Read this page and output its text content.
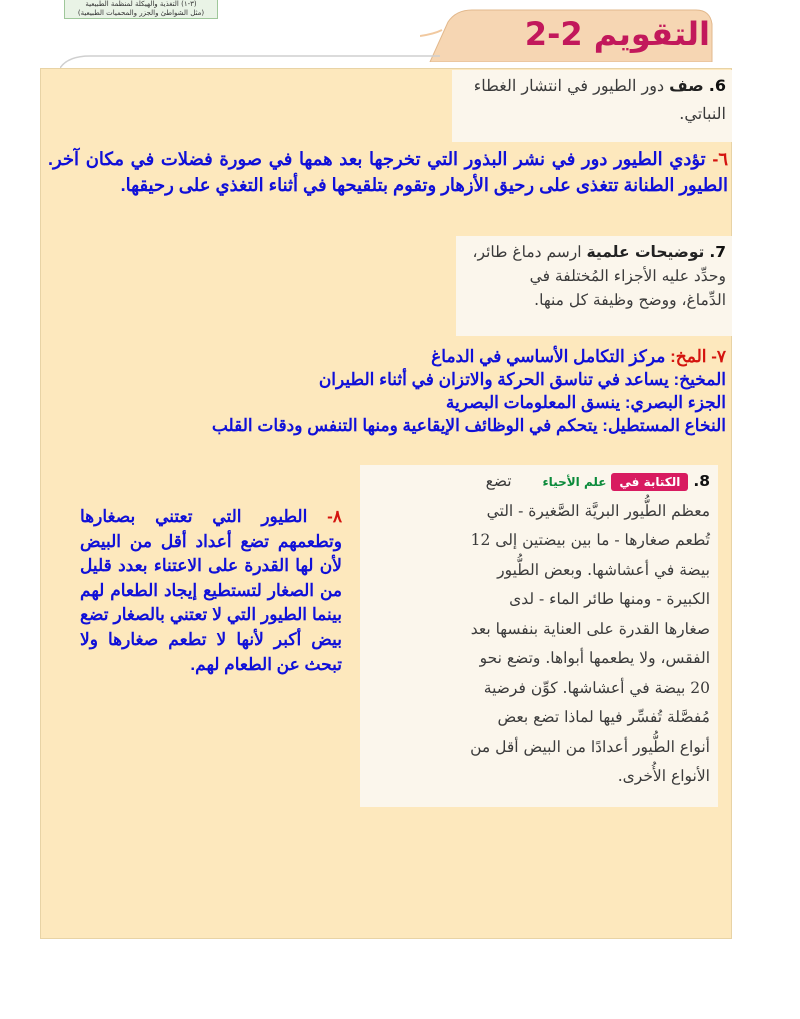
(٣-١) التغذية والهيكلة لمنظمة الطبيعية
(مثل الشواطئ والجزر والمحميات الطبيعية)
التقويم 2-2
6. صف دور الطيور في انتشار الغطاء النباتي.
٦- تؤدي الطيور دور في نشر البذور التي تخرجها بعد همها في صورة فضلات في مكان آخر. الطيور الطنانة تتغذى على رحيق الأزهار وتقوم بتلقيحها في أثناء التغذي على رحيقها.
7. توضيحات علمية ارسم دماغ طائر،
وحدِّد عليه الأجزاء المُختلفة في
الدِّماغ، ووضح وظيفة كل منها.
٧- المخ: مركز التكامل الأساسي في الدماغ
المخيخ: يساعد في تناسق الحركة والاتزان في أثناء الطيران
الجزء البصري: ينسق المعلومات البصرية
النخاع المستطيل: يتحكم في الوظائف الإيقاعية ومنها التنفس ودقات القلب
8. الكتابة في علم الأحياء تضع
معظم الطُّيور البريَّة الصَّغيرة - التي
تُطعم صغارها - ما بين بيضتين إلى 12
بيضة في أعشاشها. وبعض الطُّيور
الكبيرة - ومنها طائر الماء - لدى
صغارها القدرة على العناية بنفسها بعد
الفقس، ولا يطعمها أبواها. وتضع نحو
20 بيضة في أعشاشها. كوِّن فرضية
مُفصَّلة تُفسِّر فيها لماذا تضع بعض
أنواع الطُّيور أعدادًا من البيض أقل من
الأنواع الأُخرى.
٨- الطيور التي تعتني بصغارها وتطعمهم تضع أعداد أقل من البيض لأن لها القدرة على الاعتناء بعدد قليل من الصغار لتستطيع إيجاد الطعام لهم بينما الطيور التي لا تعتني بالصغار تضع بيض أكبر لأنها لا تطعم صغارها ولا تبحث عن الطعام لهم.
